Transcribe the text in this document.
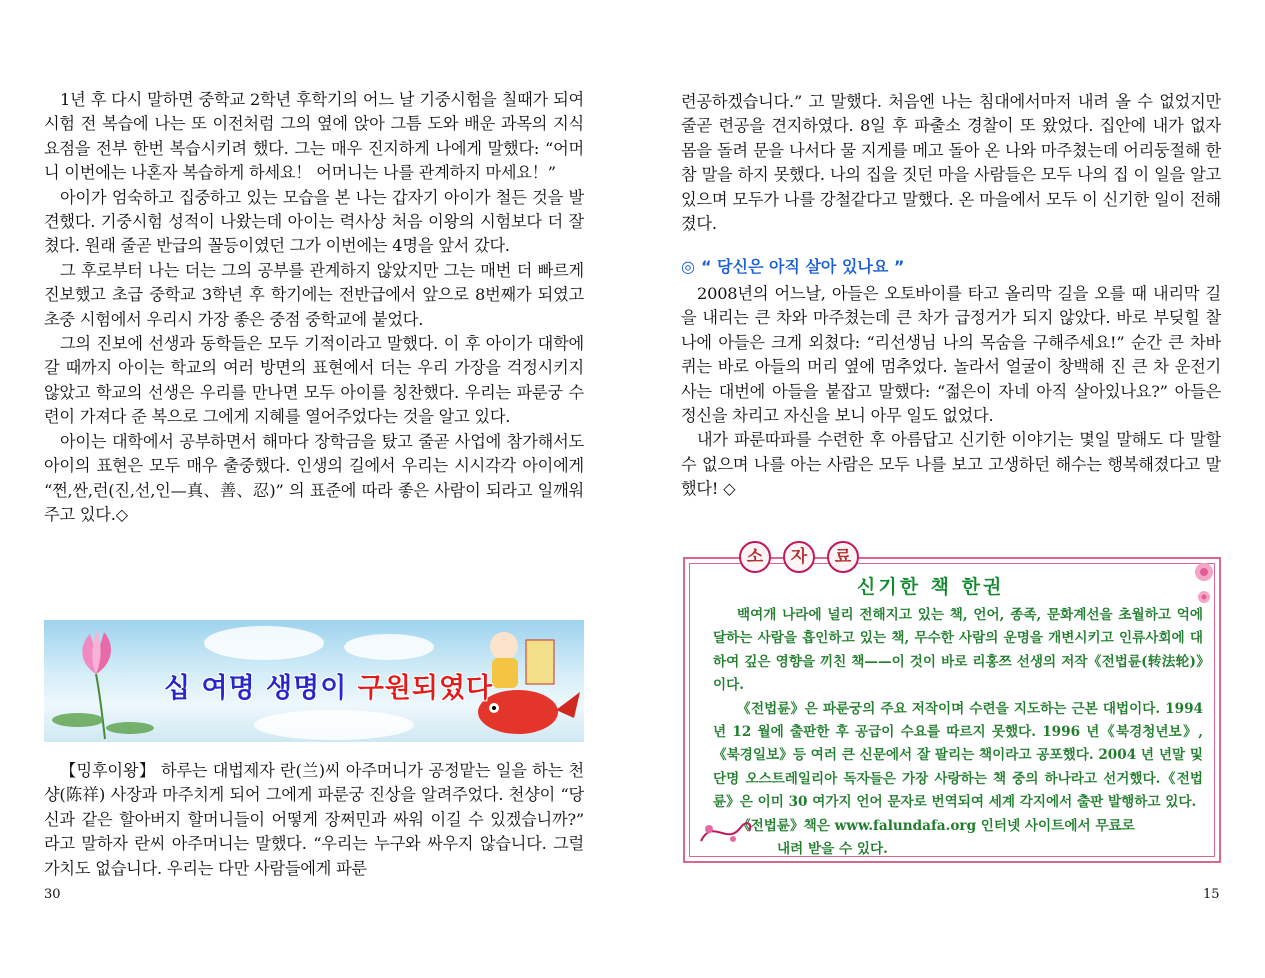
1년 후 다시 말하면 중학교 2학년 후학기의 어느 날 기중시험을 칠때가 되여 시험 전 복습에 나는 또 이전처럼 그의 옆에 앉아 그틈 도와 배운 과목의 지식 요점을 전부 한번 복습시키려 했다. 그는 매우 진지하게 나에게 말했다: “어머니 이번에는 나혼자 복습하게 하세요！ 어머니는 나를 관계하지 마세요！”

아이가 엄숙하고 집중하고 있는 모습을 본 나는 갑자기 아이가 철든 것을 발견했다. 기중시험 성적이 나왔는데 아이는 력사상 처음 이왕의 시험보다 더 잘쳤다. 원래 줄곧 반급의 꼴등이였던 그가 이번에는 4명을 앞서 갔다.

그 후로부터 나는 더는 그의 공부를 관계하지 않았지만 그는 매번 더 빠르게 진보했고 초급 중학교 3학년 후 학기에는 전반급에서 앞으로 8번째가 되였고 초중 시험에서 우리시 가장 좋은 중점 중학교에 붙었다.

그의 진보에 선생과 동학들은 모두 기적이라고 말했다. 이 후 아이가 대학에 갈 때까지 아이는 학교의 여러 방면의 표현에서 더는 우리 가장을 걱정시키지 않았고 학교의 선생은 우리를 만나면 모두 아이를 칭찬했다. 우리는 파룬궁 수련이 가져다 준 복으로 그에게 지혜를 열어주었다는 것을 알고 있다.

아이는 대학에서 공부하면서 해마다 장학금을 탔고 줄곧 사업에 참가해서도 아이의 표현은 모두 매우 출중했다. 인생의 길에서 우리는 시시각각 아이에게 “쩐,싼,런(진,선,인—真、善、忍)” 의 표준에 따라 좋은 사람이 되라고 일깨워 주고 있다.◇

십 여명 생명이 구원되였다

【밍후이왕】 하루는 대법제자 란(兰)씨 아주머니가 공정맡는 일을 하는 천샹(陈祥) 사장과 마주치게 되어 그에게 파룬궁 진상을 알려주었다. 천샹이 “당신과 같은 할아버지 할머니들이 어떻게 장쩌민과 싸워 이길 수 있겠습니까?” 라고 말하자 란씨 아주머니는 말했다. “우리는 누구와 싸우지 않습니다. 그럴 가치도 없습니다. 우리는 다만 사람들에게 파룬

30

련공하겠습니다.” 고 말했다. 처음엔 나는 침대에서마저 내려 올 수 없었지만 줄곧 련공을 견지하였다. 8일 후 파출소 경찰이 또 왔었다. 집안에 내가 없자 몸을 돌려 문을 나서다 물 지게를 메고 돌아 온 나와 마주쳤는데 어리둥절해 한참 말을 하지 못했다. 나의 집을 짓던 마을 사람들은 모두 나의 집 이 일을 알고 있으며 모두가 나를 강철같다고 말했다. 온 마을에서 모두 이 신기한 일이 전해졌다.

◎ “ 당신은 아직 살아 있나요 ”

2008년의 어느날, 아들은 오토바이를 타고 올리막 길을 오를 때 내리막 길을 내리는 큰 차와 마주쳤는데 큰 차가 급정거가 되지 않았다. 바로 부딪힐 찰나에 아들은 크게 외쳤다: “리선생님 나의 목숨을 구해주세요!” 순간 큰 차바퀴는 바로 아들의 머리 옆에 멈추었다. 놀라서 얼굴이 창백해 진 큰 차 운전기사는 대번에 아들을 붙잡고 말했다: “젊은이 자네 아직 살아있나요?” 아들은 정신을 차리고 자신을 보니 아무 일도 없었다.

내가 파룬따파를 수련한 후 아름답고 신기한 이야기는 몇일 말해도 다 말할 수 없으며 나를 아는 사람은 모두 나를 보고 고생하던 해수는 행복해졌다고 말했다! ◇

소	자	료
신기한 책 한권

백여개 나라에 널리 전해지고 있는 책, 언어, 종족, 문화계선을 초월하고 억에 달하는 사람을 흡인하고 있는 책, 무수한 사람의 운명을 개변시키고 인류사회에 대하여 깊은 영향을 끼친 책——이 것이 바로 리홍쯔 선생의 저작《전법륜(转法轮)》이다.

《전법륜》은 파룬궁의 주요 저작이며 수련을 지도하는 근본 대법이다. 1994 년 12 월에 출판한 후 공급이 수요를 따르지 못했다. 1996 년《북경청년보》,《북경일보》등 여러 큰 신문에서 잘 팔리는 책이라고 공포했다. 2004 년 년말 및 단명 오스트레일리아 독자들은 가장 사랑하는 책 중의 하나라고 선거했다.《전법륜》은 이미 30 여가지 언어 문자로 번역되여 세계 각지에서 출판 발행하고 있다.

《전법륜》책은 www.falundafa.org 인터넷 사이트에서 무료로

내려 받을 수 있다.

15
